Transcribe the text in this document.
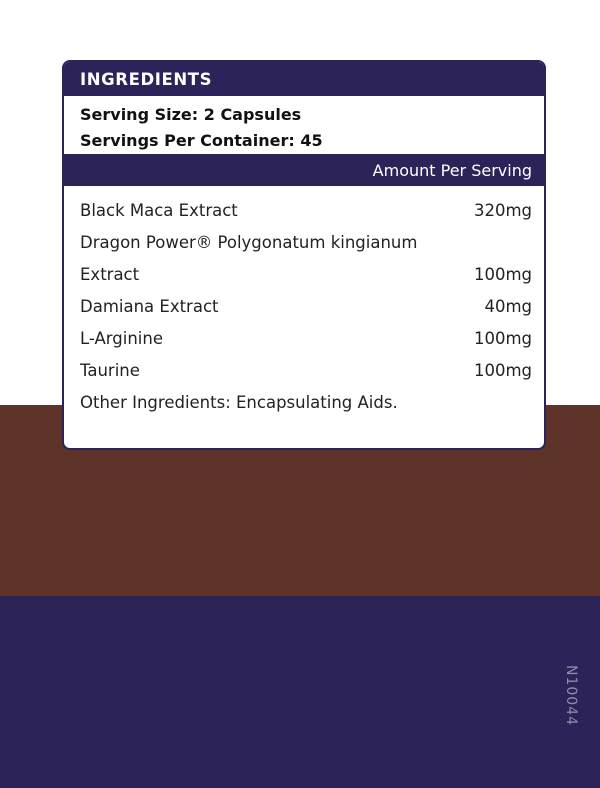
N10044
INGREDIENTS
Serving Size: 2 Capsules
Servings Per Container: 45
Amount Per Serving
Black Maca Extract	320mg
Dragon Power® Polygonatum kingianum
Extract	100mg
Damiana Extract	40mg
L-Arginine	100mg
Taurine	100mg
Other Ingredients: Encapsulating Aids.
